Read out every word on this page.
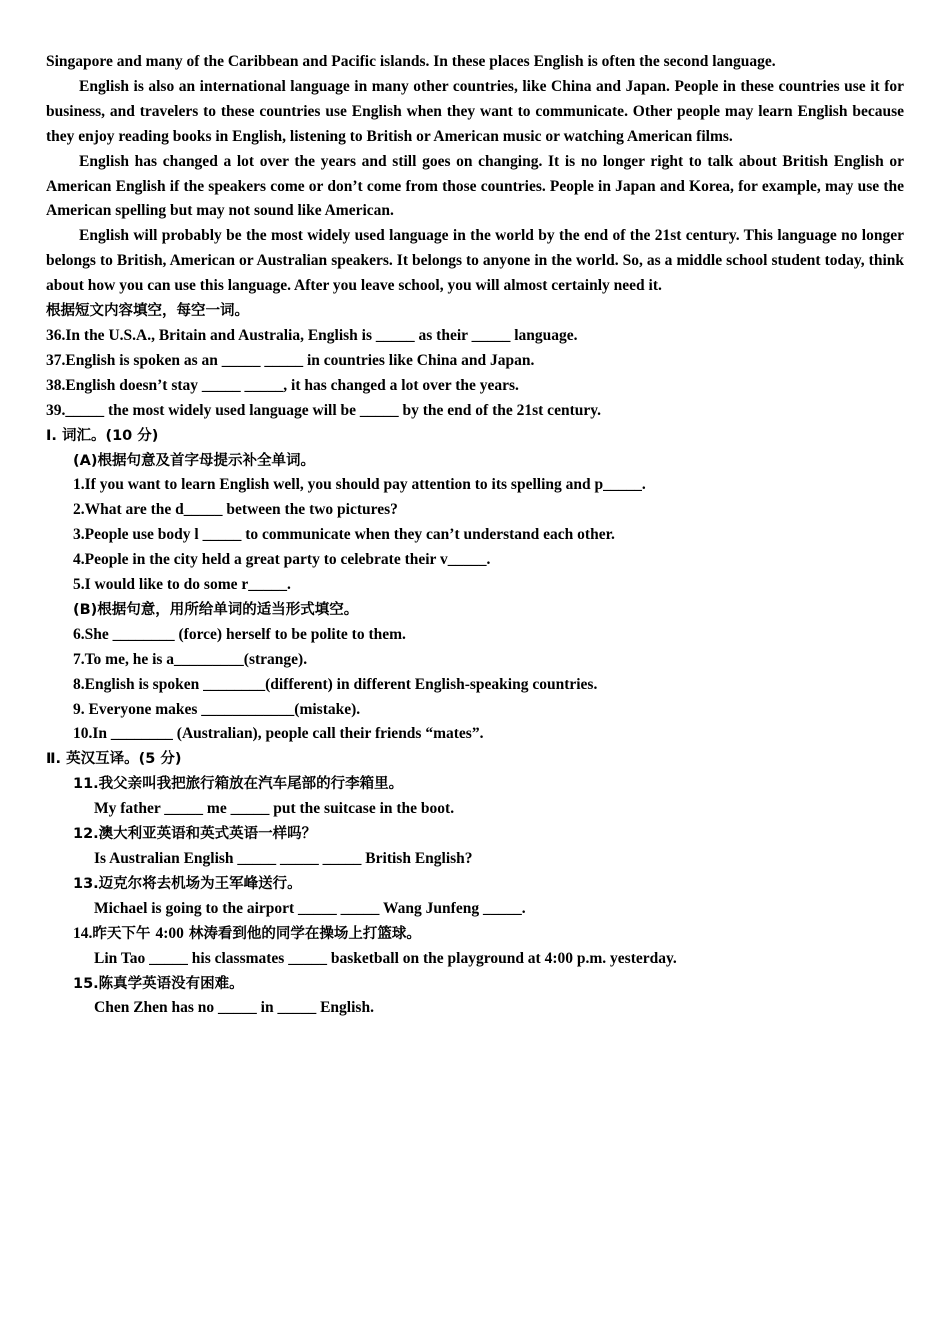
Singapore and many of the Caribbean and Pacific islands. In these places English is often the second language.

English is also an international language in many other countries, like China and Japan. People in these countries use it for business, and travelers to these countries use English when they want to communicate. Other people may learn English because they enjoy reading books in English, listening to British or American music or watching American films.

English has changed a lot over the years and still goes on changing. It is no longer right to talk about British English or American English if the speakers come or don’t come from those countries. People in Japan and Korea, for example, may use the American spelling but may not sound like American.

English will probably be the most widely used language in the world by the end of the 21st century. This language no longer belongs to British, American or Australian speakers. It belongs to anyone in the world. So, as a middle school student today, think about how you can use this language. After you leave school, you will almost certainly need it.

根据短文内容填空，每空一词。

36.In the U.S.A., Britain and Australia, English is _____ as their _____ language.

37.English is spoken as an _____ _____ in countries like China and Japan.

38.English doesn’t stay _____ _____, it has changed a lot over the years.

39._____ the most widely used language will be _____ by the end of the 21st century.

Ⅰ. 词汇。(10 分)

(A)根据句意及首字母提示补全单词。

1.If you want to learn English well, you should pay attention to its spelling and p_____.

2.What are the d_____ between the two pictures?

3.People use body l _____ to communicate when they can’t understand each other.

4.People in the city held a great party to celebrate their v_____.

5.I would like to do some r_____.

(B)根据句意，用所给单词的适当形式填空。

6.She ________ (force) herself to be polite to them.

7.To me, he is a_________(strange).

8.English is spoken ________(different) in different English-speaking countries.

9. Everyone makes ____________(mistake).

10.In ________ (Australian), people call their friends “mates”.

Ⅱ. 英汉互译。(5 分)

11.我父亲叫我把旅行箱放在汽车尾部的行李箱里。

My father _____ me _____ put the suitcase in the boot.

12.澳大利亚英语和英式英语一样吗？

Is Australian English _____ _____ _____ British English?

13.迈克尔将去机场为王军峰送行。

Michael is going to the airport _____ _____ Wang Junfeng _____.

14.昨天下午 4:00 林涛看到他的同学在操场上打篮球。

Lin Tao _____ his classmates _____ basketball on the playground at 4:00 p.m. yesterday.

15.陈真学英语没有困难。

Chen Zhen has no _____ in _____ English.
